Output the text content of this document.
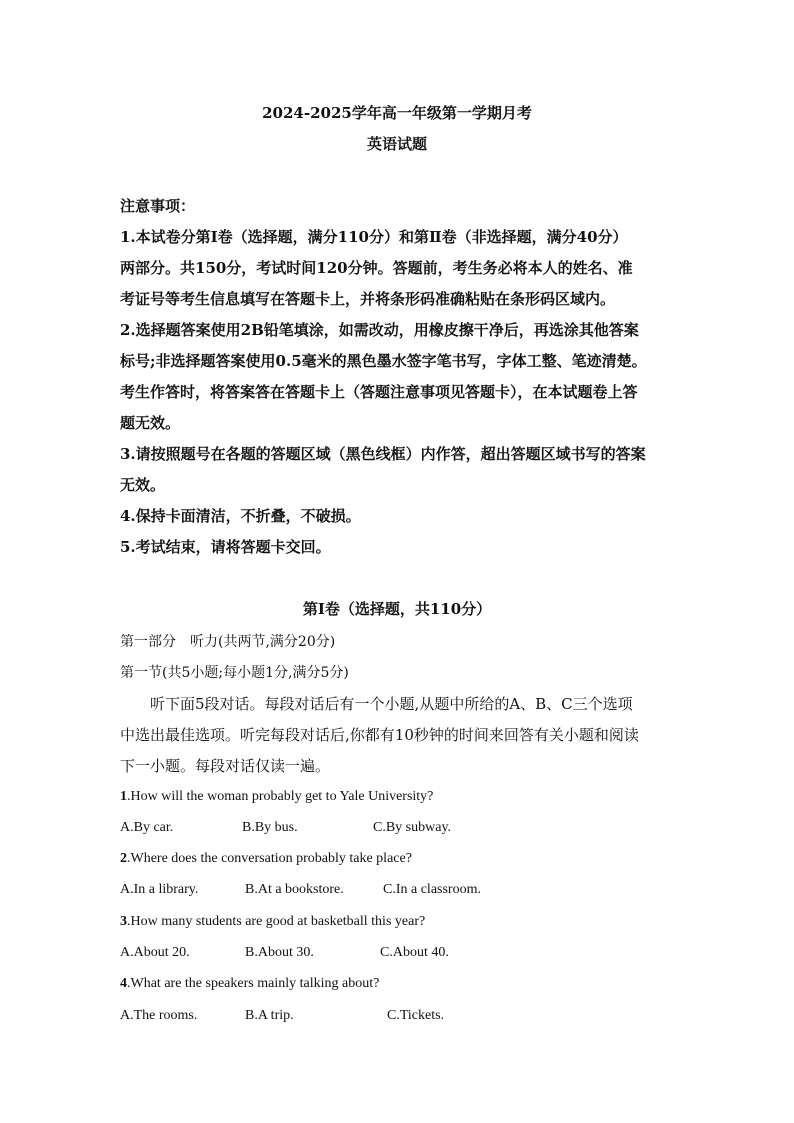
2024-2025学年高一年级第一学期月考
英语试题
注意事项：
1.本试卷分第Ⅰ卷（选择题，满分110分）和第Ⅱ卷（非选择题，满分40分）
两部分。共150分，考试时间120分钟。答题前，考生务必将本人的姓名、准
考证号等考生信息填写在答题卡上，并将条形码准确粘贴在条形码区域内。
2.选择题答案使用2B铅笔填涂，如需改动，用橡皮擦干净后，再选涂其他答案
标号;非选择题答案使用0.5毫米的黑色墨水签字笔书写，字体工整、笔迹清楚。
考生作答时，将答案答在答题卡上（答题注意事项见答题卡），在本试题卷上答
题无效。
3.请按照题号在各题的答题区域（黑色线框）内作答，超出答题区域书写的答案
无效。
4.保持卡面清洁，不折叠，不破损。
5.考试结束，请将答题卡交回。
第Ⅰ卷（选择题，共110分）
第一部分　听力(共两节,满分20分)
第一节(共5小题;每小题1分,满分5分)
听下面5段对话。每段对话后有一个小题,从题中所给的A、B、C三个选项
中选出最佳选项。听完每段对话后,你都有10秒钟的时间来回答有关小题和阅读
下一小题。每段对话仅读一遍。
1.How will the woman probably get to Yale University?
A.By car.	B.By bus.	C.By subway.
2.Where does the conversation probably take place?
A.In a library.	B.At a bookstore.	C.In a classroom.
3.How many students are good at basketball this year?
A.About 20.	B.About 30.	C.About 40.
4.What are the speakers mainly talking about?
A.The rooms.	B.A trip.	C.Tickets.
